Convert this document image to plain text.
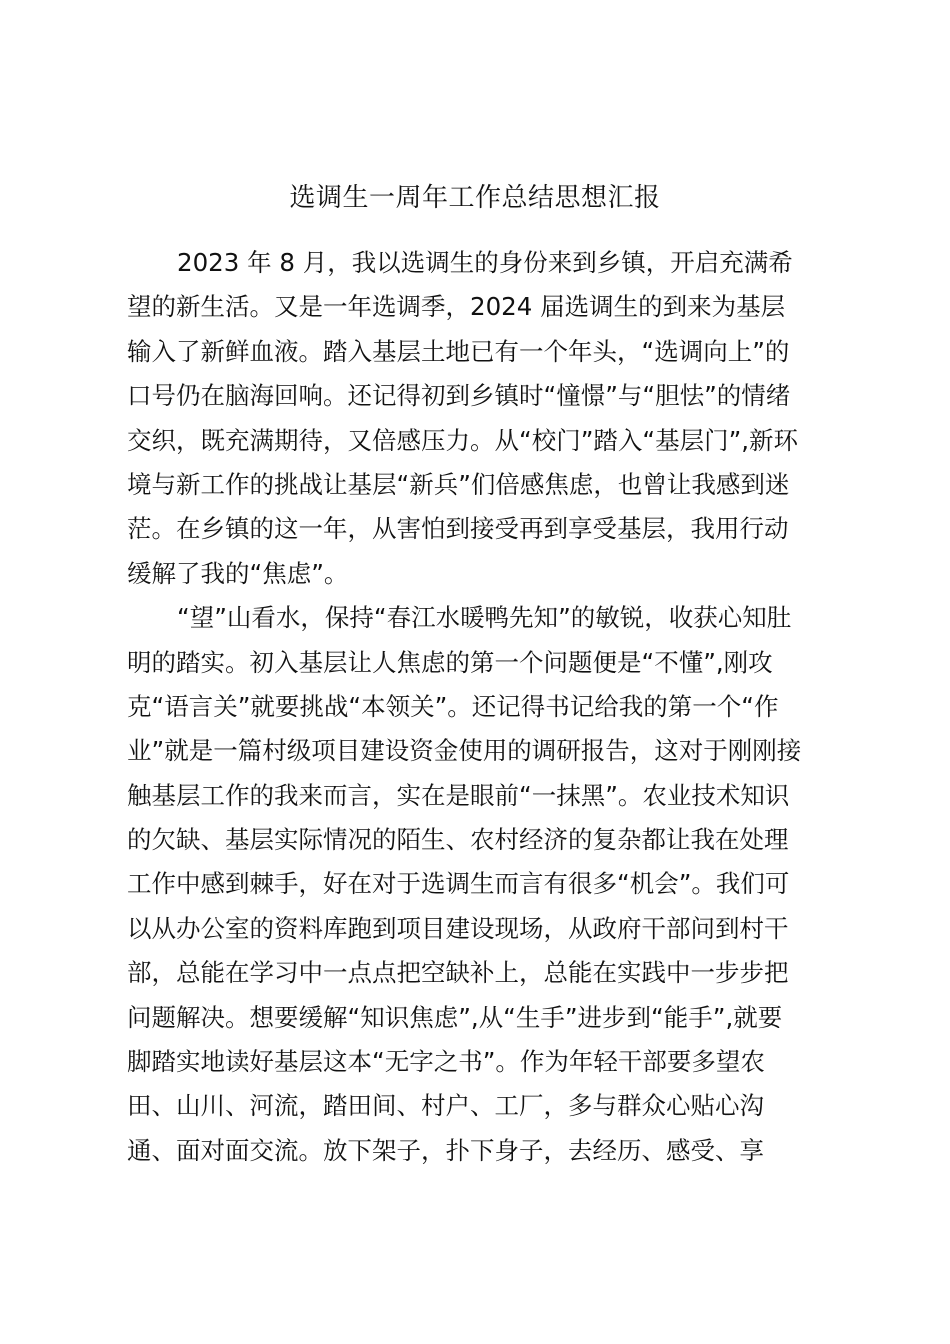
选调生一周年工作总结思想汇报
2023 年 8 月，我以选调生的身份来到乡镇，开启充满希
望的新生活。又是一年选调季，2024 届选调生的到来为基层
输入了新鲜血液。踏入基层土地已有一个年头，“选调向上”的
口号仍在脑海回响。还记得初到乡镇时“憧憬”与“胆怯”的情绪
交织，既充满期待，又倍感压力。从“校门”踏入“基层门”,新环
境与新工作的挑战让基层“新兵”们倍感焦虑，也曾让我感到迷
茫。在乡镇的这一年，从害怕到接受再到享受基层，我用行动
缓解了我的“焦虑”。
“望”山看水，保持“春江水暖鸭先知”的敏锐，收获心知肚
明的踏实。初入基层让人焦虑的第一个问题便是“不懂”,刚攻
克“语言关”就要挑战“本领关”。还记得书记给我的第一个“作
业”就是一篇村级项目建设资金使用的调研报告，这对于刚刚接
触基层工作的我来而言，实在是眼前“一抹黑”。农业技术知识
的欠缺、基层实际情况的陌生、农村经济的复杂都让我在处理
工作中感到棘手，好在对于选调生而言有很多“机会”。我们可
以从办公室的资料库跑到项目建设现场，从政府干部问到村干
部，总能在学习中一点点把空缺补上，总能在实践中一步步把
问题解决。想要缓解“知识焦虑”,从“生手”进步到“能手”,就要
脚踏实地读好基层这本“无字之书”。作为年轻干部要多望农
田、山川、河流，踏田间、村户、工厂，多与群众心贴心沟
通、面对面交流。放下架子，扑下身子，去经历、感受、享
